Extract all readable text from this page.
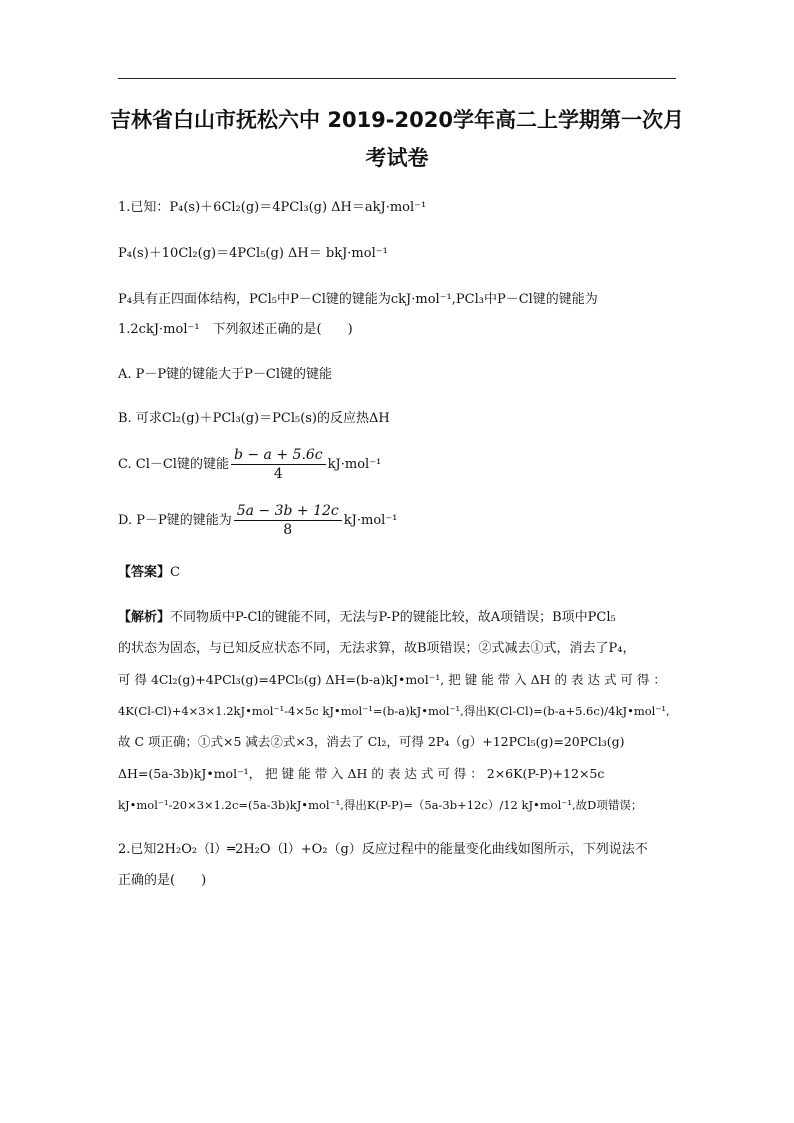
吉林省白山市抚松六中 2019-2020学年高二上学期第一次月
考试卷
1.已知：P₄(s)＋6Cl₂(g)＝4PCl₃(g) ΔH＝akJ·mol⁻¹
P₄(s)＋10Cl₂(g)＝4PCl₅(g) ΔH＝ bkJ·mol⁻¹
P₄具有正四面体结构，PCl₅中P－Cl键的键能为ckJ·mol⁻¹,PCl₃中P－Cl键的键能为
1.2ckJ·mol⁻¹　下列叙述正确的是(　　)
A. P－P键的键能大于P－Cl键的键能
B. 可求Cl₂(g)＋PCl₃(g)＝PCl₅(s)的反应热ΔH
C. Cl－Cl键的键能 $\frac{b - a + 5.6c}{4} kJ\cdot mol^{-1}$
D. P－P键的键能为 $\frac{5a - 3b + 12c}{8} kJ\cdot mol^{-1}$
【答案】C
【解析】不同物质中P-Cl的键能不同，无法与P-P的键能比较，故A项错误；B项中PCl₅
的状态为固态，与已知反应状态不同，无法求算，故B项错误；②式减去①式，消去了P₄，
可 得 4Cl₂(g)+4PCl₃(g)=4PCl₅(g) ΔH=(b-a)kJ•mol⁻¹, 把 键 能 带 入 ΔH 的 表 达 式 可 得 ：
4K(Cl-Cl)+4×3×1.2kJ•mol⁻¹-4×5c kJ•mol⁻¹=(b-a)kJ•mol⁻¹,得出K(Cl-Cl)=(b-a+5.6c)/4kJ•mol⁻¹,
故 C 项正确；①式×5 减去②式×3，消去了 Cl₂，可得 2P₄（g）+12PCl₅(g)=20PCl₃(g)
ΔH=(5a-3b)kJ•mol⁻¹， 把 键 能 带 入 ΔH 的 表 达 式 可 得 ： 2×6K(P-P)+12×5c
kJ•mol⁻¹-20×3×1.2c=(5a-3b)kJ•mol⁻¹,得出K(P-P)=（5a-3b+12c）/12 kJ•mol⁻¹,故D项错误；
2.已知2H₂O₂（l）═2H₂O（l）+O₂（g）反应过程中的能量变化曲线如图所示，下列说法不
正确的是(　　)
